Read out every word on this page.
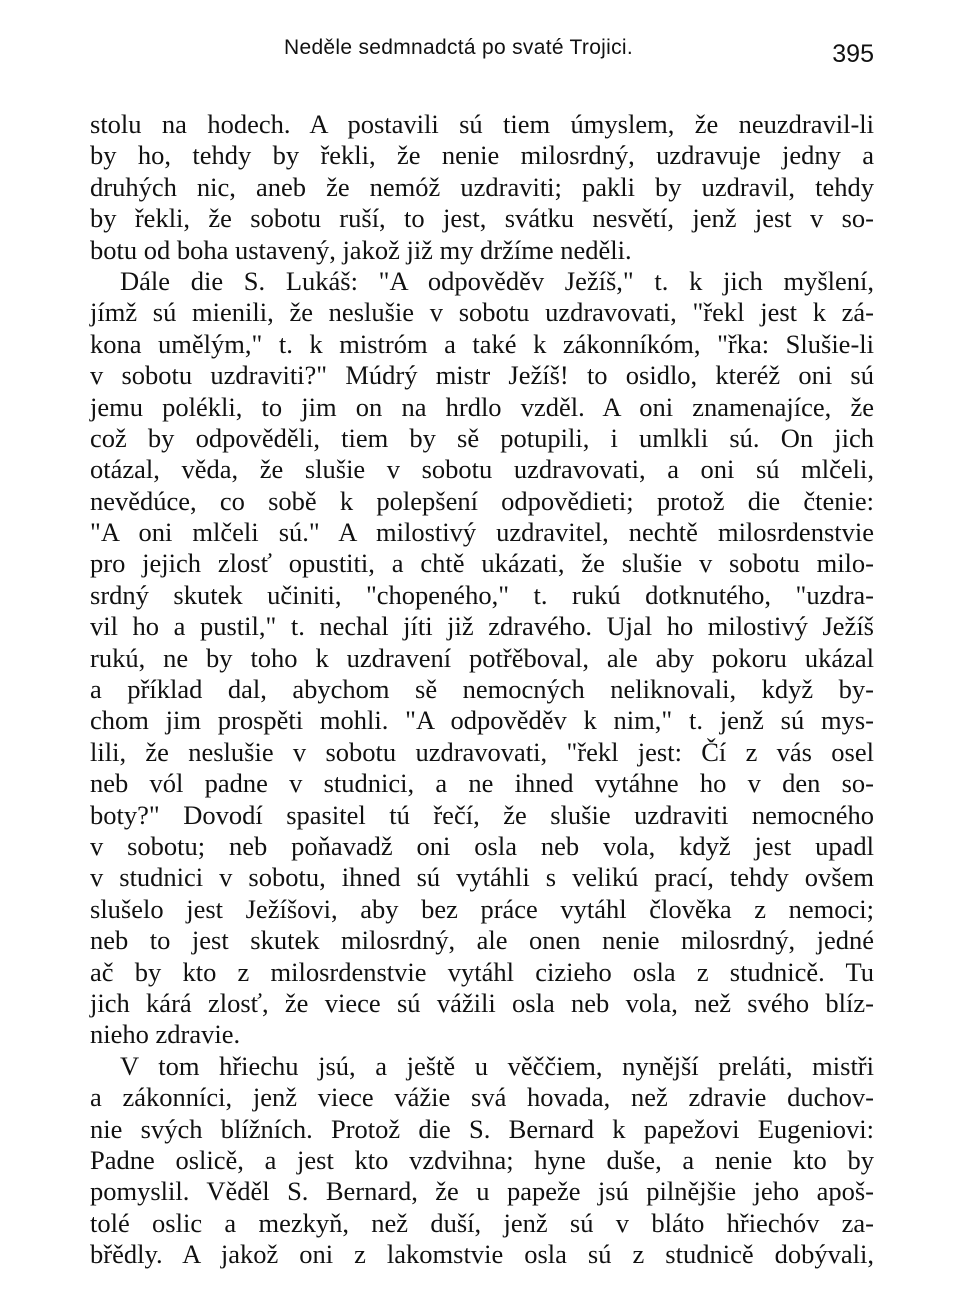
Neděle sedmnadctá po svaté Trojici.	395
stolu na hodech. A postavili sú tiem úmyslem, že neuzdravil-li
by ho, tehdy by řekli, že nenie milosrdný, uzdravuje jedny a
druhých nic, aneb že nemóž uzdraviti; pakli by uzdravil, tehdy
by řekli, že sobotu ruší, to jest, svátku nesvětí, jenž jest v so-
botu od boha ustavený, jakož již my držíme neděli.
Dále die S. Lukáš: "A odpověděv Ježíš," t. k jich myšlení,
jímž sú mienili, že neslušie v sobotu uzdravovati, "řekl jest k zá-
kona umělým," t. k mistróm a také k zákonníkóm, "řka: Slušie-li
v sobotu uzdraviti?" Múdrý mistr Ježíš! to osidlo, kteréž oni sú
jemu polékli, to jim on na hrdlo vzděl. A oni znamenajíce, že
což by odpověděli, tiem by sě potupili, i umlkli sú. On jich
otázal, věda, že slušie v sobotu uzdravovati, a oni sú mlčeli,
nevědúce, co sobě k polepšení odpovědieti; protož die čtenie:
"A oni mlčeli sú." A milostivý uzdravitel, nechtě milosrdenstvie
pro jejich zlosť opustiti, a chtě ukázati, že slušie v sobotu milo-
srdný skutek učiniti, "chopeného," t. rukú dotknutého, "uzdra-
vil ho a pustil," t. nechal jíti již zdravého. Ujal ho milostivý Ježíš
rukú, ne by toho k uzdravení potřěboval, ale aby pokoru ukázal
a příklad dal, abychom sě nemocných neliknovali, když by-
chom jim prospěti mohli. "A odpověděv k nim," t. jenž sú mys-
lili, že neslušie v sobotu uzdravovati, "řekl jest: Čí z vás osel
neb vól padne v studnici, a ne ihned vytáhne ho v den so-
boty?" Dovodí spasitel tú řečí, že slušie uzdraviti nemocného
v sobotu; neb poňavadž oni osla neb vola, když jest upadl
v studnici v sobotu, ihned sú vytáhli s velikú prací, tehdy ovšem
slušelo jest Ježíšovi, aby bez práce vytáhl člověka z nemoci;
neb to jest skutek milosrdný, ale onen nenie milosrdný, jedné
ač by kto z milosrdenstvie vytáhl cizieho osla z studnicě. Tu
jich kárá zlosť, že viece sú vážili osla neb vola, než svého blíz-
nieho zdravie.
V tom hřiechu jsú, a ještě u věččiem, nynější preláti, mistři
a zákonníci, jenž viece vážie svá hovada, než zdravie duchov-
nie svých blížních. Protož die S. Bernard k papežovi Eugeniovi:
Padne oslicě, a jest kto vzdvihna; hyne duše, a nenie kto by
pomyslil. Věděl S. Bernard, že u papeže jsú pilnějšie jeho apoš-
tolé oslic a mezkyň, než duší, jenž sú v bláto hřiechóv za-
břědly. A jakož oni z lakomstvie osla sú z studnicě dobývali,
